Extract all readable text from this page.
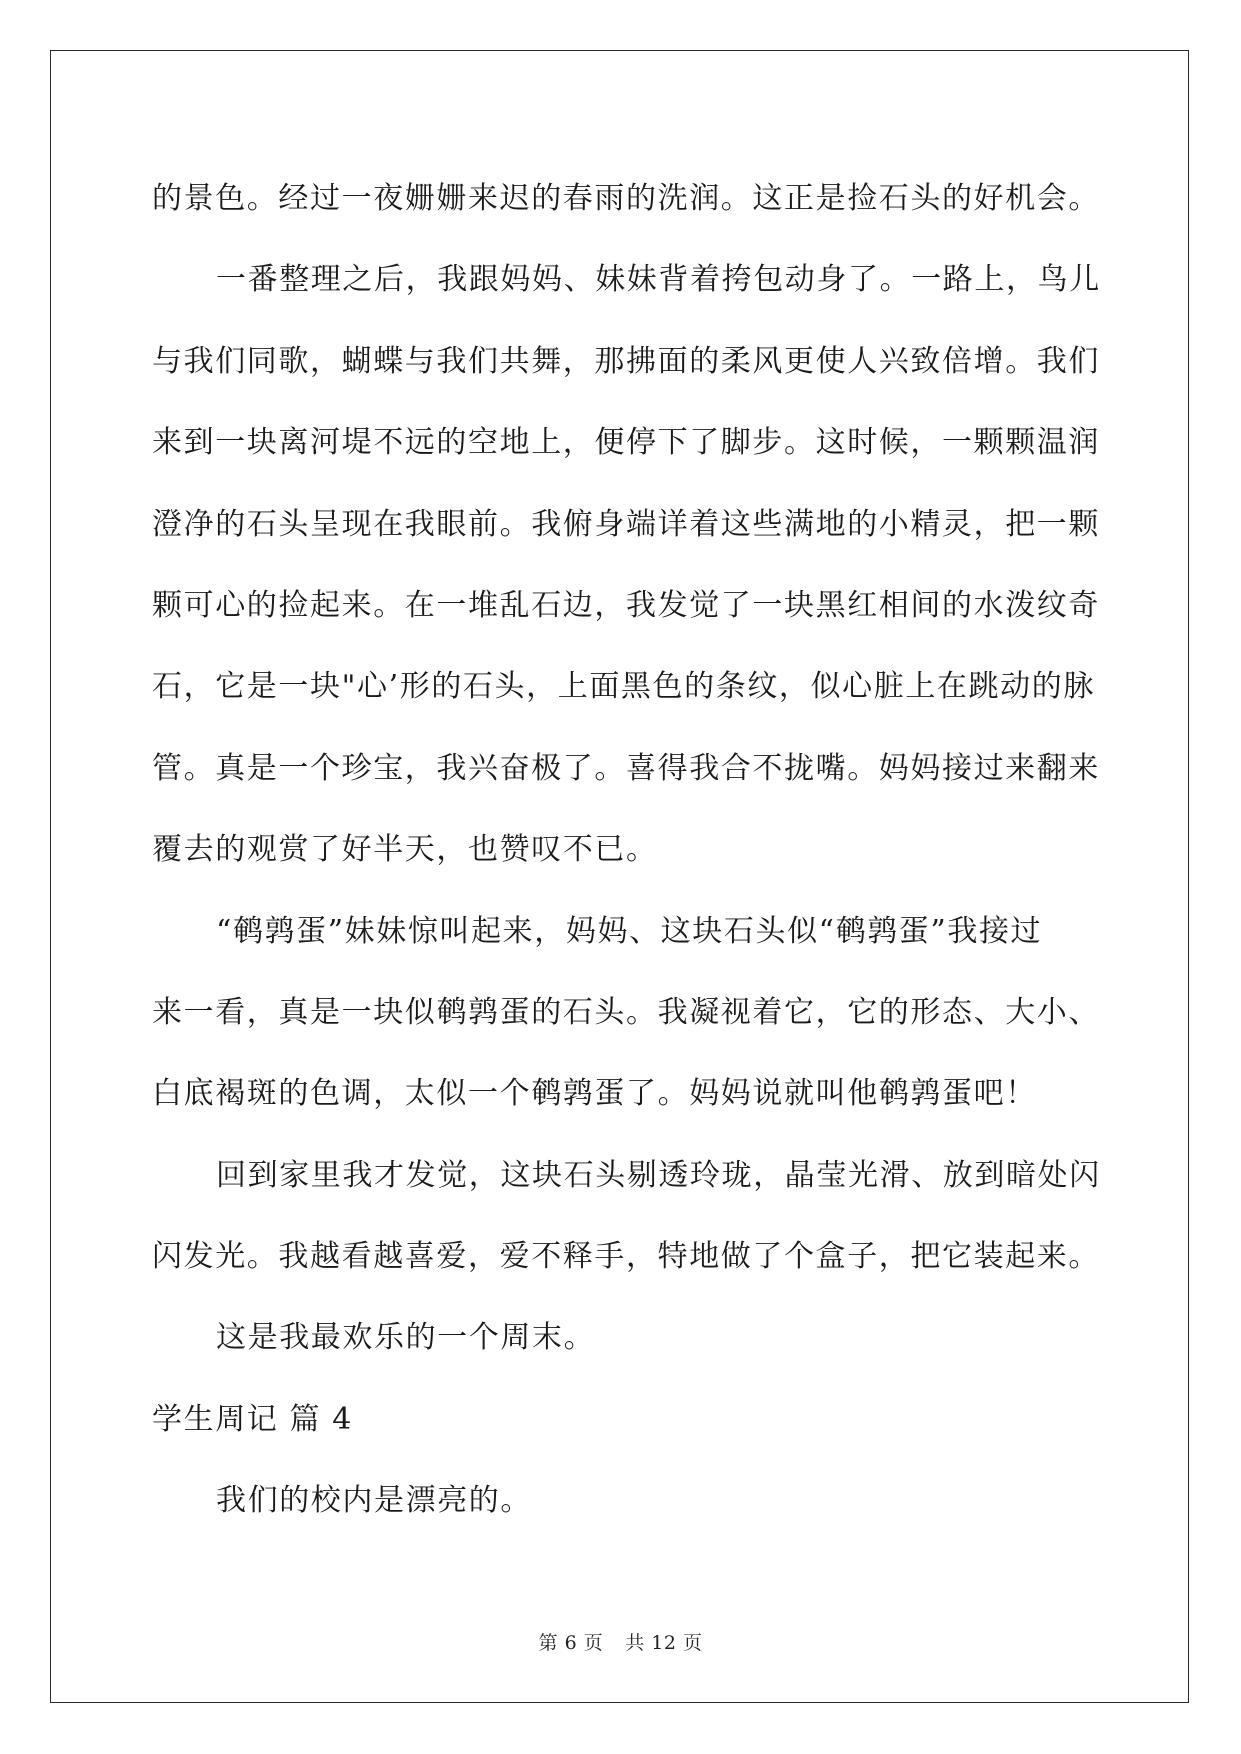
的景色。经过一夜姗姗来迟的春雨的洗润。这正是捡石头的好机会。
一番整理之后，我跟妈妈、妹妹背着挎包动身了。一路上，鸟儿
与我们同歌，蝴蝶与我们共舞，那拂面的柔风更使人兴致倍增。我们
来到一块离河堤不远的空地上，便停下了脚步。这时候，一颗颗温润
澄净的石头呈现在我眼前。我俯身端详着这些满地的小精灵，把一颗
颗可心的捡起来。在一堆乱石边，我发觉了一块黑红相间的水泼纹奇
石，它是一块"心’形的石头，上面黑色的条纹，似心脏上在跳动的脉
管。真是一个珍宝，我兴奋极了。喜得我合不拢嘴。妈妈接过来翻来
覆去的观赏了好半天，也赞叹不已。
“鹌鹑蛋”妹妹惊叫起来，妈妈、这块石头似“鹌鹑蛋”我接过
来一看，真是一块似鹌鹑蛋的石头。我凝视着它，它的形态、大小、
白底褐斑的色调，太似一个鹌鹑蛋了。妈妈说就叫他鹌鹑蛋吧！
回到家里我才发觉，这块石头剔透玲珑，晶莹光滑、放到暗处闪
闪发光。我越看越喜爱，爱不释手，特地做了个盒子，把它装起来。
这是我最欢乐的一个周末。
学生周记 篇 4
我们的校内是漂亮的。
第 6 页 共 12 页
